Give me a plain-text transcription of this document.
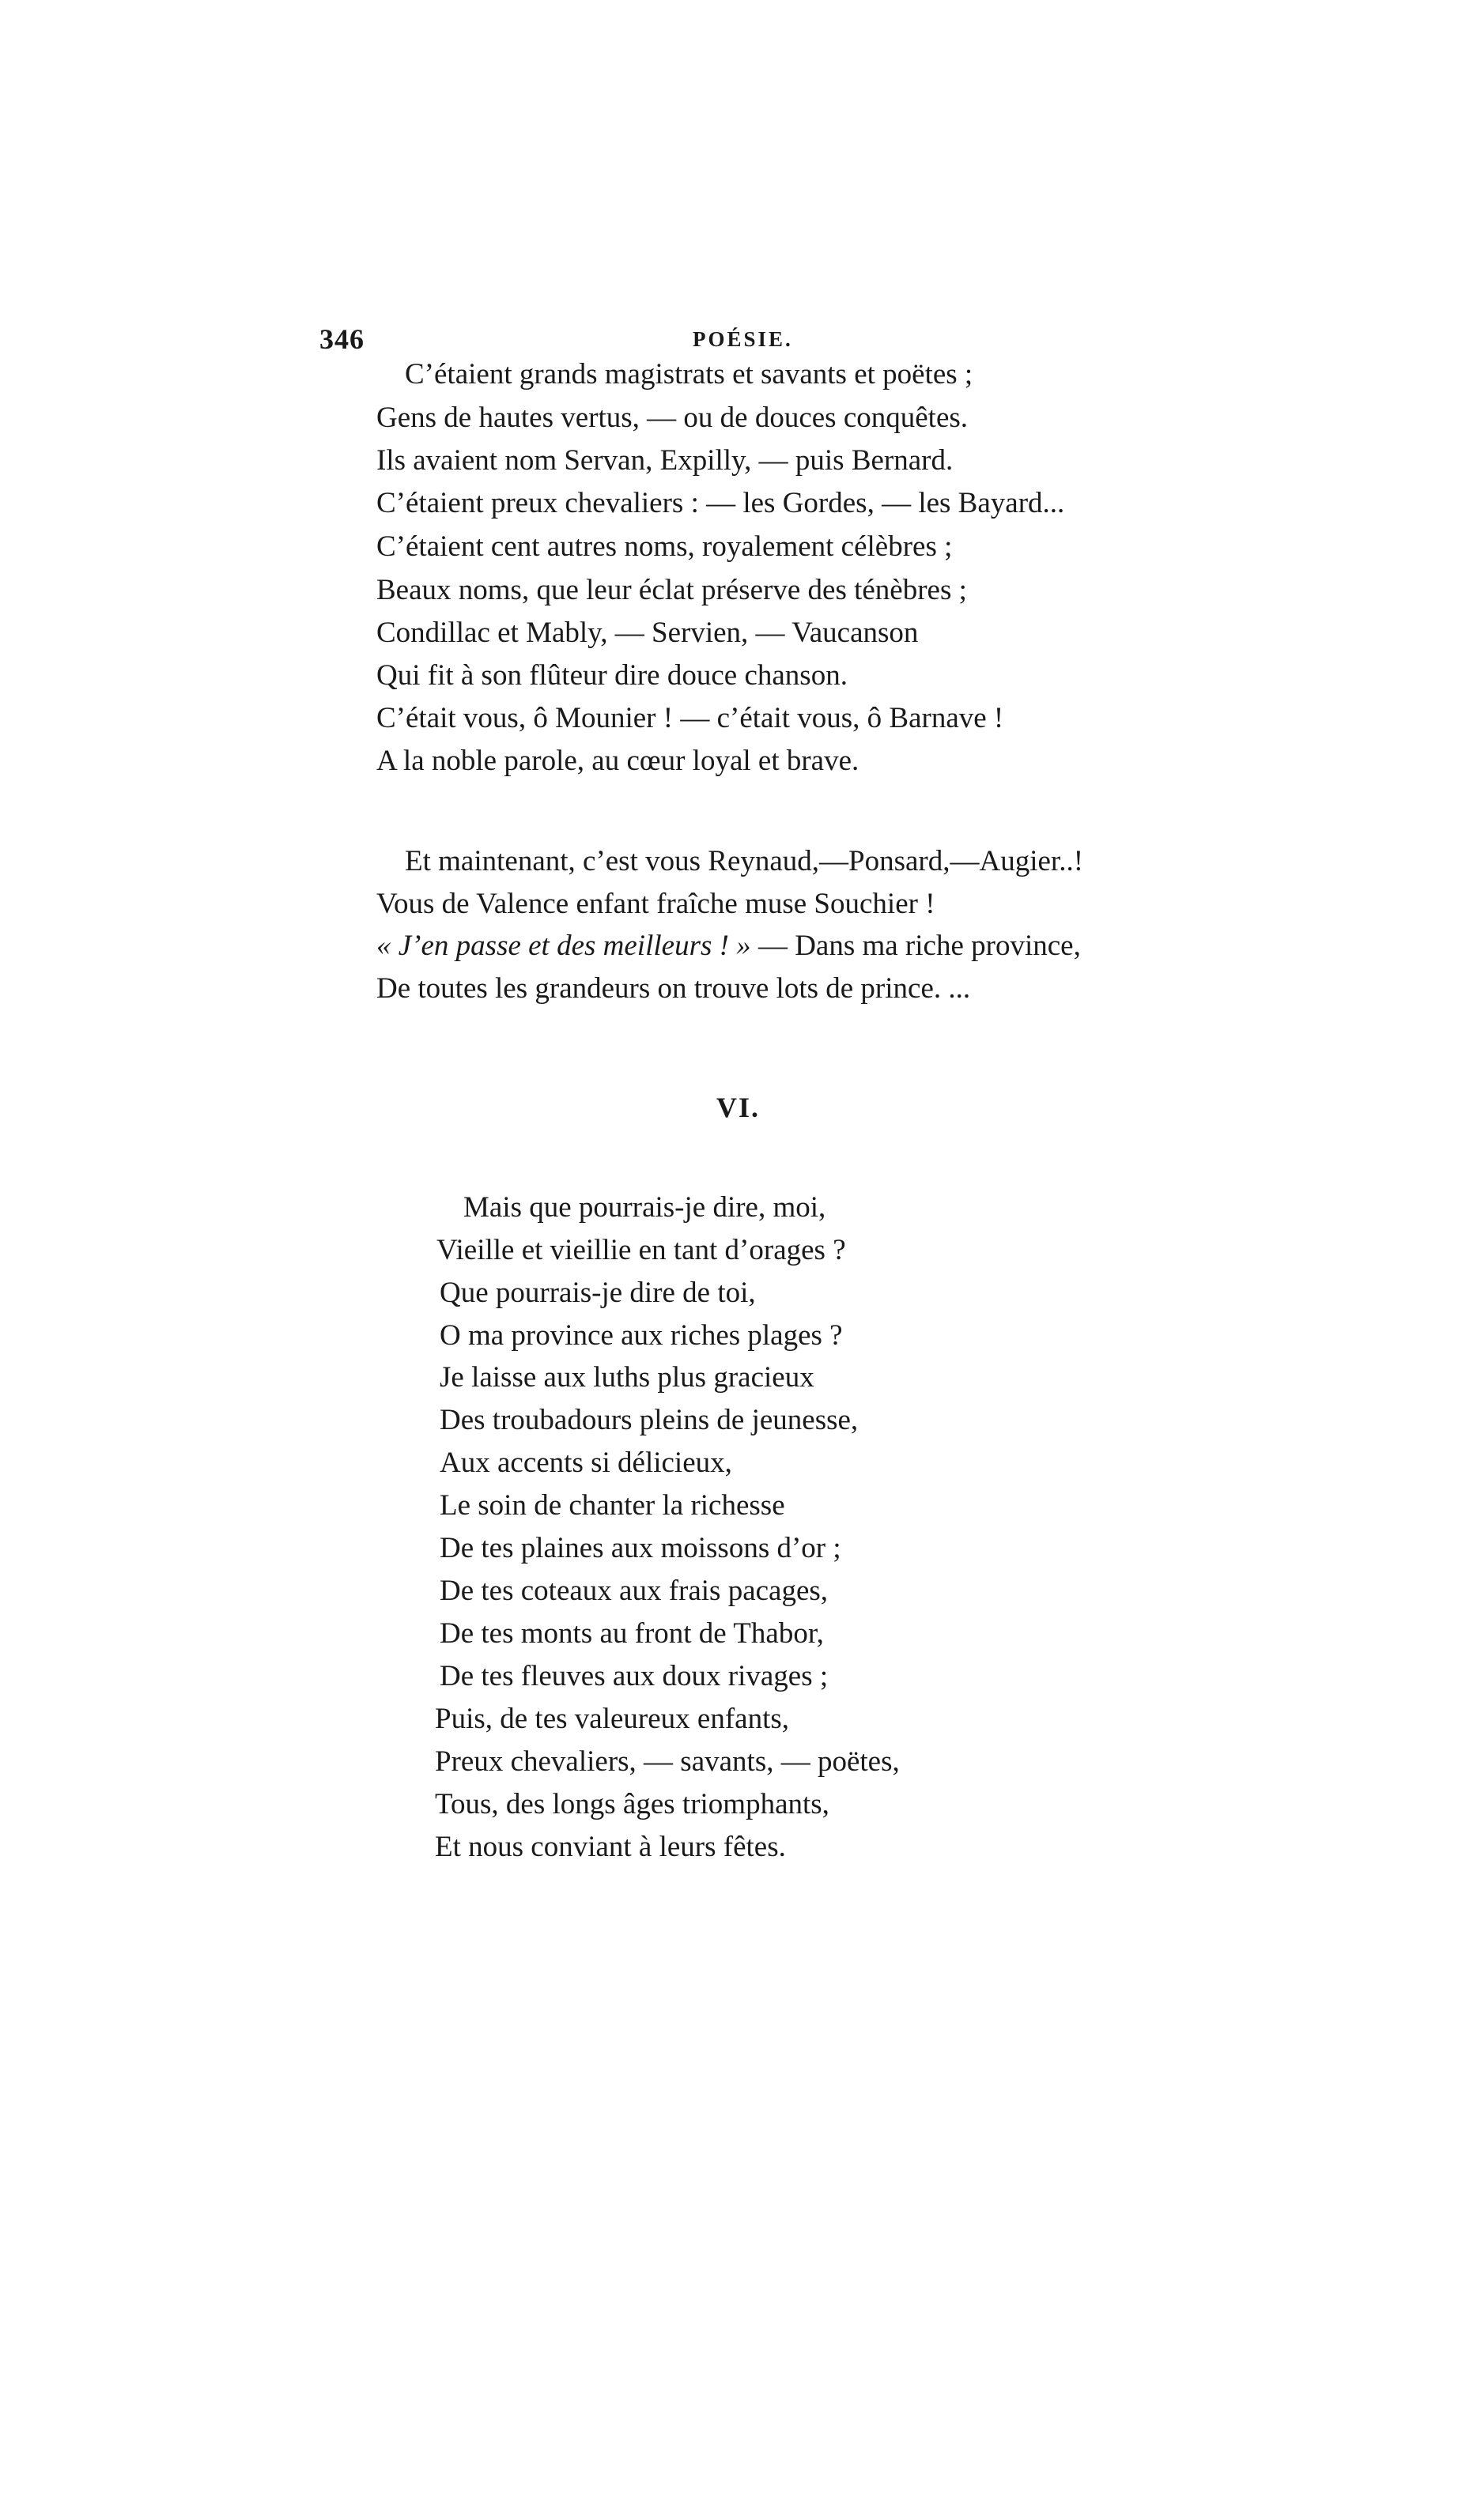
346	POÉSIE.
C’étaient grands magistrats et savants et poëtes ;
Gens de hautes vertus, — ou de douces conquêtes.
Ils avaient nom Servan, Expilly, — puis Bernard.
C’étaient preux chevaliers : — les Gordes, — les Bayard...
C’étaient cent autres noms, royalement célèbres ;
Beaux noms, que leur éclat préserve des ténèbres ;
Condillac et Mably, — Servien, — Vaucanson
Qui fit à son flûteur dire douce chanson.
C’était vous, ô Mounier ! — c’était vous, ô Barnave !
A la noble parole, au cœur loyal et brave.
Et maintenant, c’est vous Reynaud,—Ponsard,—Augier..!
Vous de Valence enfant fraîche muse Souchier !
« J’en passe et des meilleurs ! » — Dans ma riche province,
De toutes les grandeurs on trouve lots de prince. ...
VI.
Mais que pourrais-je dire, moi,
Vieille et vieillie en tant d’orages ?
Que pourrais-je dire de toi,
O ma province aux riches plages ?
Je laisse aux luths plus gracieux
Des troubadours pleins de jeunesse,
Aux accents si délicieux,
Le soin de chanter la richesse
De tes plaines aux moissons d’or ;
De tes coteaux aux frais pacages,
De tes monts au front de Thabor,
De tes fleuves aux doux rivages ;
Puis, de tes valeureux enfants,
Preux chevaliers, — savants, — poëtes,
Tous, des longs âges triomphants,
Et nous conviant à leurs fêtes.
